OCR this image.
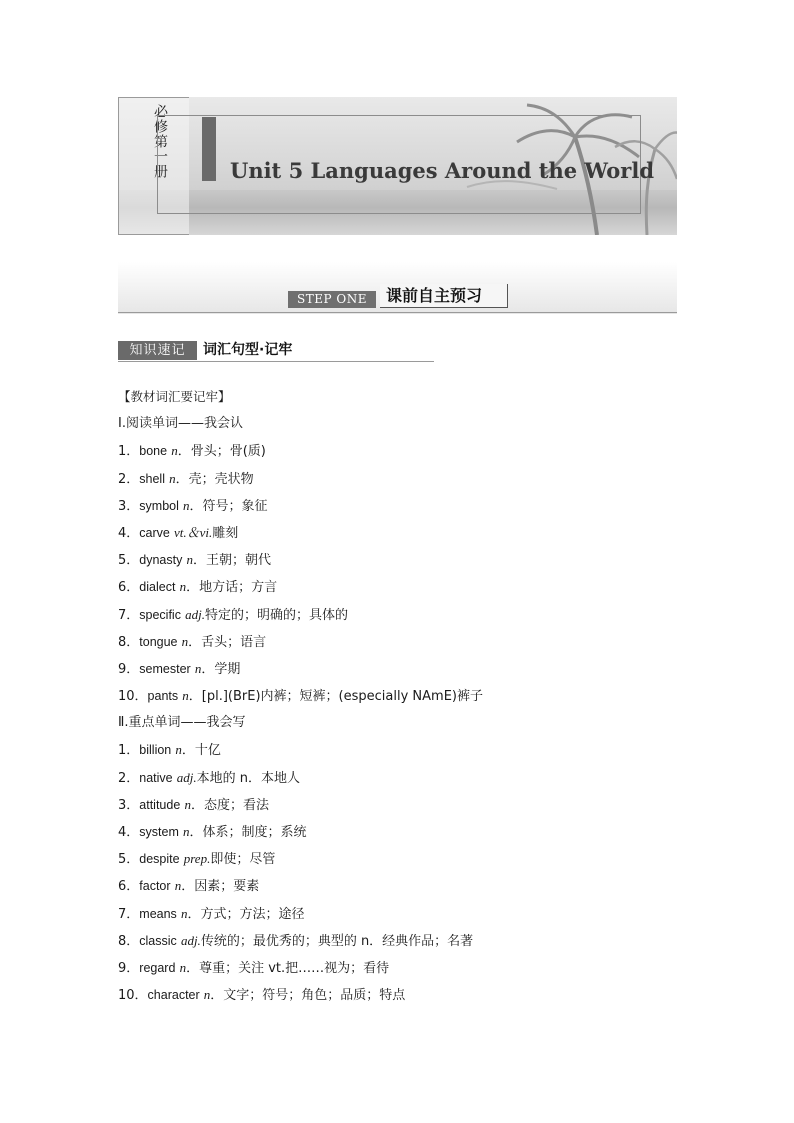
必修第一册	Unit 5 Languages Around the World
STEP ONE	课前自主预习
知识速记	词汇句型·记牢
【教材词汇要记牢】
Ⅰ.阅读单词——我会认
1．bone n．骨头；骨(质)
2．shell n．壳；壳状物
3．symbol n．符号；象征
4．carve vt.＆vi.雕刻
5．dynasty n．王朝；朝代
6．dialect n．地方话；方言
7．specific adj.特定的；明确的；具体的
8．tongue n．舌头；语言
9．semester n．学期
10．pants n．[pl.](BrE)内裤；短裤；(especially NAmE)裤子
Ⅱ.重点单词——我会写
1．billion n．十亿
2．native adj.本地的 n．本地人
3．attitude n．态度；看法
4．system n．体系；制度；系统
5．despite prep.即使；尽管
6．factor n．因素；要素
7．means n．方式；方法；途径
8．classic adj.传统的；最优秀的；典型的 n．经典作品；名著
9．regard n．尊重；关注 vt.把……视为；看待
10．character n．文字；符号；角色；品质；特点
